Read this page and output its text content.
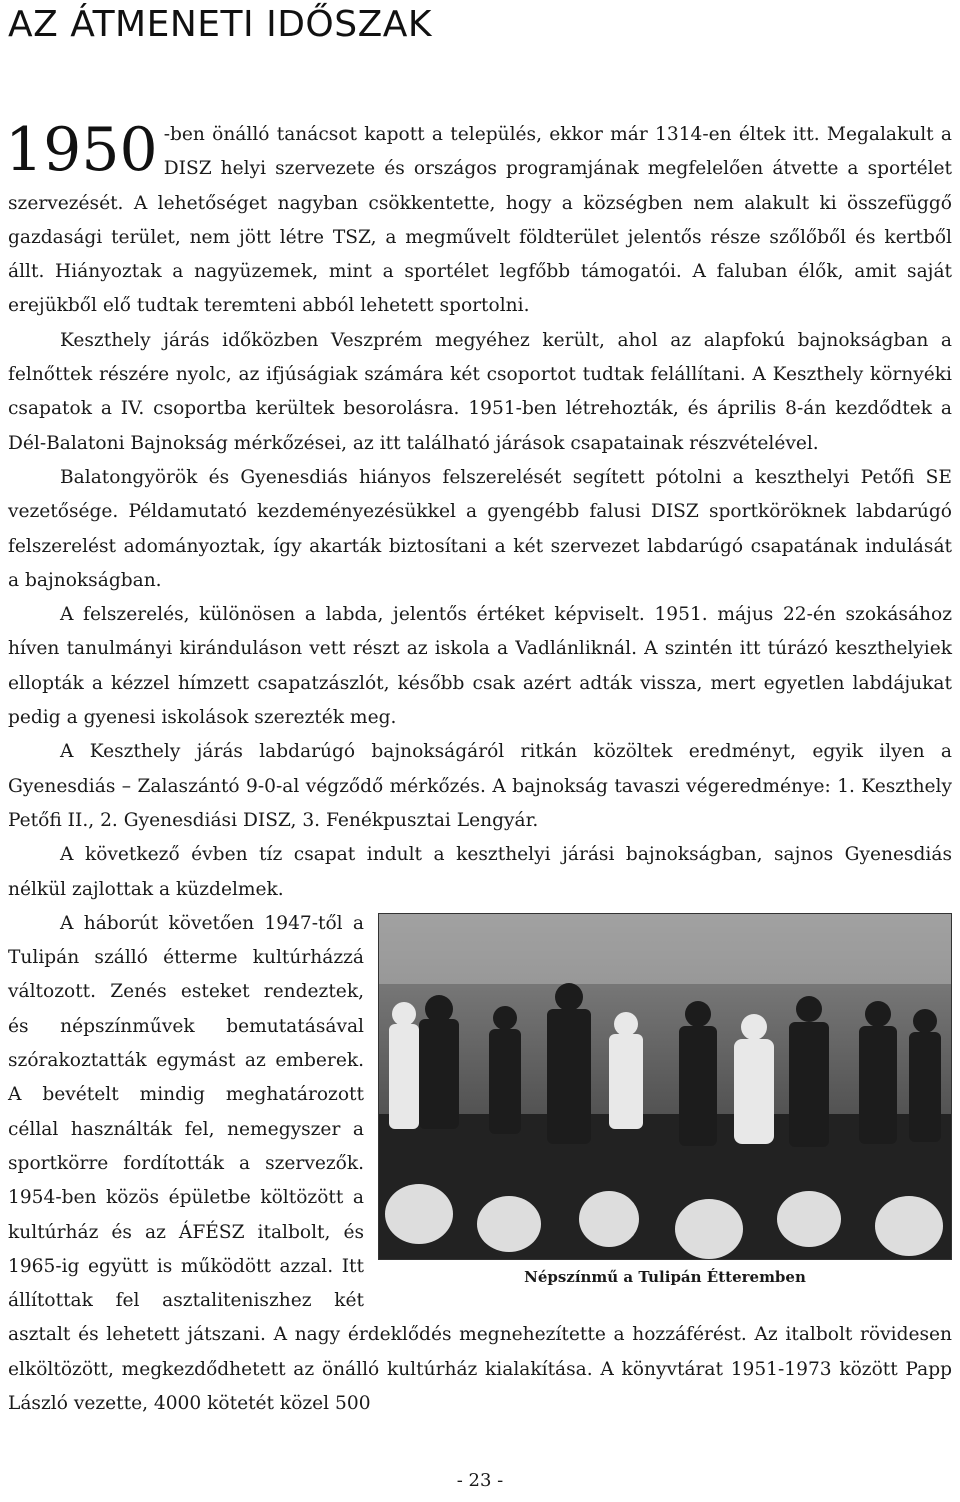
AZ ÁTMENETI IDŐSZAK

1950 -ben önálló tanácsot kapott a település, ekkor már 1314-en éltek itt. Megalakult a DISZ helyi szervezete és országos programjának megfelelően átvette a sportélet szervezését. A lehetőséget nagyban csökkentette, hogy a községben nem alakult ki összefüggő gazdasági terület, nem jött létre TSZ, a megművelt földterület jelentős része szőlőből és kertből állt. Hiányoztak a nagyüzemek, mint a sportélet legfőbb támogatói. A faluban élők, amit saját erejükből elő tudtak teremteni abból lehetett sportolni.

Keszthely járás időközben Veszprém megyéhez került, ahol az alapfokú bajnokságban a felnőttek részére nyolc, az ifjúságiak számára két csoportot tudtak felállítani. A Keszthely környéki csapatok a IV. csoportba kerültek besorolásra. 1951-ben létrehozták, és április 8-án kezdődtek a Dél-Balatoni Bajnokság mérkőzései, az itt található járások csapatainak részvételével.

Balatongyörök és Gyenesdiás hiányos felszerelését segített pótolni a keszthelyi Petőfi SE vezetősége. Példamutató kezdeményezésükkel a gyengébb falusi DISZ sportköröknek labdarúgó felszerelést adományoztak, így akarták biztosítani a két szervezet labdarúgó csapatának indulását a bajnokságban.

A felszerelés, különösen a labda, jelentős értéket képviselt. 1951. május 22-én szokásához híven tanulmányi kiránduláson vett részt az iskola a Vadlánliknál. A szintén itt túrázó keszthelyiek ellopták a kézzel hímzett csapatzászlót, később csak azért adták vissza, mert egyetlen labdájukat pedig a gyenesi iskolások szerezték meg.

A Keszthely járás labdarúgó bajnokságáról ritkán közöltek eredményt, egyik ilyen a Gyenesdiás – Zalaszántó 9-0-al végződő mérkőzés. A bajnokság tavaszi végeredménye: 1. Keszthely Petőfi II., 2. Gyenesdiási DISZ, 3. Fenékpusztai Lengyár.

A következő évben tíz csapat indult a keszthelyi járási bajnokságban, sajnos Gyenesdiás nélkül zajlottak a küzdelmek.

Népszínmű a Tulipán Étteremben

A háborút követően 1947-től a Tulipán szálló étterme kultúrházzá változott. Zenés esteket rendeztek, és népszínművek bemutatásával szórakoztatták egymást az emberek. A bevételt mindig meghatározott céllal használták fel, nemegyszer a sportkörre fordították a szervezők. 1954-ben közös épületbe költözött a kultúrház és az ÁFÉSZ italbolt, és 1965-ig együtt is működött azzal. Itt állítottak fel asztaliteniszhez két asztalt és lehetett játszani. A nagy érdeklődés megnehezítette a hozzáférést. Az italbolt rövidesen elköltözött, megkezdődhetett az önálló kultúrház kialakítása. A könyvtárat 1951-1973 között Papp László vezette, 4000 kötetét közel 500

- 23 -
